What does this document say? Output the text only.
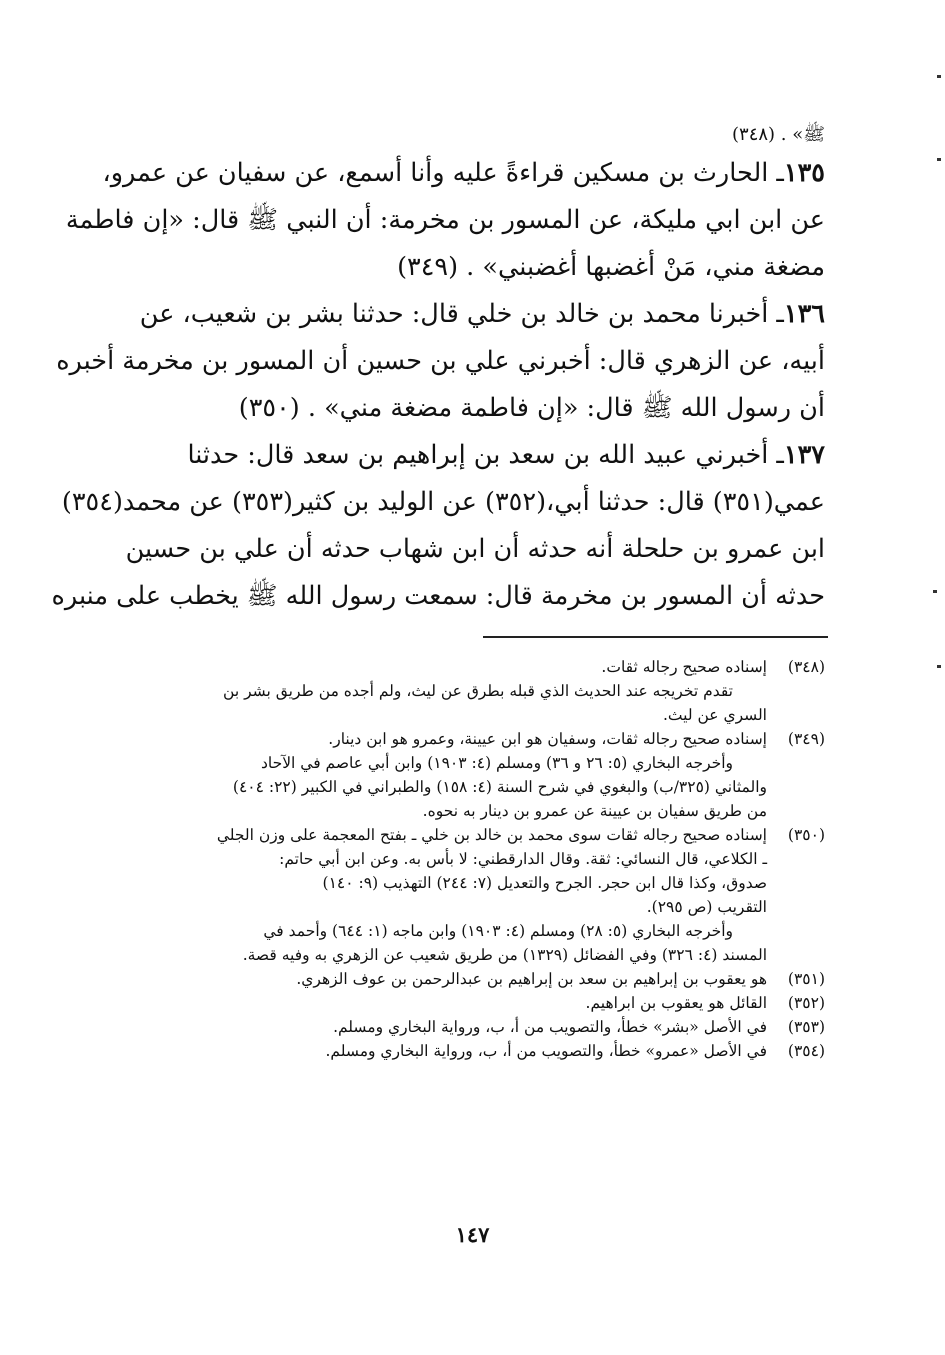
ﷺ» . (٣٤٨)
١٣٥ـ الحارث بن مسكين قراءةً عليه وأنا أسمع، عن سفيان عن عمرو،
عن ابن ابي مليكة، عن المسور بن مخرمة: أن النبي ﷺ قال: «إن فاطمة
مضغة مني، مَنْ أغضبها أغضبني» . (٣٤٩)
١٣٦ـ أخبرنا محمد بن خالد بن خلي قال: حدثنا بشر بن شعيب، عن
أبيه، عن الزهري قال: أخبرني علي بن حسين أن المسور بن مخرمة أخبره
أن رسول الله ﷺ قال: «إن فاطمة مضغة مني» . (٣٥٠)
١٣٧ـ أخبرني عبيد الله بن سعد بن إبراهيم بن سعد قال: حدثنا
عمي(٣٥١) قال: حدثنا أبي،(٣٥٢) عن الوليد بن كثير(٣٥٣) عن محمد(٣٥٤)
ابن عمرو بن حلحلة أنه حدثه أن ابن شهاب حدثه أن علي بن حسين
حدثه أن المسور بن مخرمة قال: سمعت رسول الله ﷺ يخطب على منبره
(٣٤٨)
إسناده صحيح رجاله ثقات.
تقدم تخريجه عند الحديث الذي قبله بطرق عن ليث، ولم أجده من طريق بشر بن
السري عن ليث.
(٣٤٩)
إسناده صحيح رجاله ثقات، وسفيان هو ابن عيينة، وعمرو هو ابن دينار.
وأخرجه البخاري (٥: ٢٦ و ٣٦) ومسلم (٤: ١٩٠٣) وابن أبي عاصم في الآحاد
والمثاني (٣٢٥/ب) والبغوي في شرح السنة (٤: ١٥٨) والطبراني في الكبير (٢٢: ٤٠٤)
من طريق سفيان بن عيينة عن عمرو بن دينار به نحوه.
(٣٥٠)
إسناده صحيح رجاله ثقات سوى محمد بن خالد بن خلي ـ بفتح المعجمة على وزن الجلي
ـ الكلاعي، قال النسائي: ثقة. وقال الدارقطني: لا بأس به. وعن ابن أبي حاتم:
صدوق، وكذا قال ابن حجر. الجرح والتعديل (٧: ٢٤٤) التهذيب (٩: ١٤٠)
التقريب (ص ٢٩٥).
وأخرجه البخاري (٥: ٢٨) ومسلم (٤: ١٩٠٣) وابن ماجه (١: ٦٤٤) وأحمد في
المسند (٤: ٣٢٦) وفي الفضائل (١٣٢٩) من طريق شعيب عن الزهري به وفيه قصة.
(٣٥١)
هو يعقوب بن إبراهيم بن سعد بن إبراهيم بن عبدالرحمن بن عوف الزهري.
(٣٥٢)
القائل هو يعقوب بن ابراهيم.
(٣٥٣)
في الأصل «بشر» خطأ، والتصويب من أ، ب، ورواية البخاري ومسلم.
(٣٥٤)
في الأصل «عمرو» خطأ، والتصويب من أ، ب، ورواية البخاري ومسلم.
١٤٧
